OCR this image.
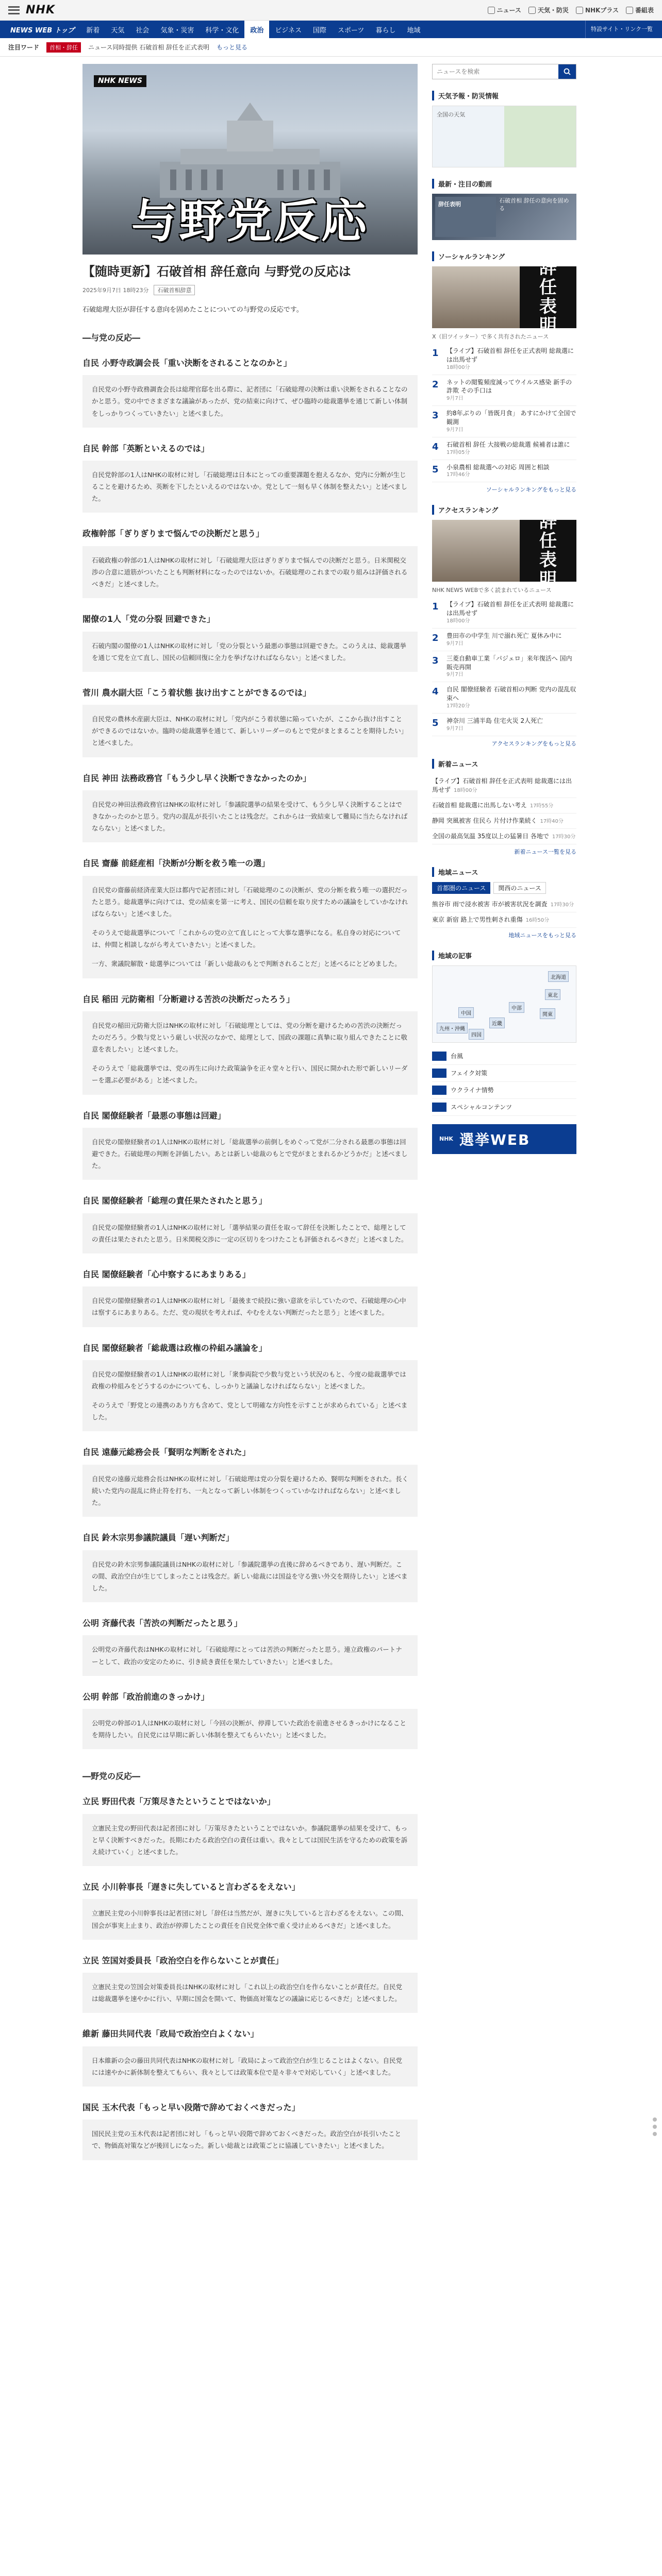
NHK	ニュース	天気・防災	NHKプラス	番組表
NEWS WEB トップ	新着	天気	社会	気象・災害	科学・文化	政治	ビジネス	国際	スポーツ	暮らし	地域	特設サイト・リンク一覧
注目ワード	首相・辞任	ニュース同時提供 石破首相 辞任を正式表明 もっと見る
NHK NEWS
与野党反応
【随時更新】石破首相 辞任意向 与野党の反応は
2025年9月7日 18時23分	石破首相辞意

石破総理大臣が辞任する意向を固めたことについての与野党の反応です。

―与党の反応―
自民 小野寺政調会長「重い決断をされることなのかと」

自民党の小野寺政務調査会長は総理官邸を出る際に、記者団に「石破総理の決断は重い決断をされることなのかと思う。党の中でさまざまな議論があったが、党の結束に向けて、ぜひ臨時の総裁選挙を通じて新しい体制をしっかりつくっていきたい」と述べました。

自民 幹部「英断といえるのでは」

自民党幹部の1人はNHKの取材に対し「石破総理は日本にとっての重要課題を抱えるなか、党内に分断が生じることを避けるため、英断を下したといえるのではないか。党として一刻も早く体制を整えたい」と述べました。

政権幹部「ぎりぎりまで悩んでの決断だと思う」

石破政権の幹部の1人はNHKの取材に対し「石破総理大臣はぎりぎりまで悩んでの決断だと思う。日米関税交渉の合意に道筋がついたことも判断材料になったのではないか。石破総理のこれまでの取り組みは評価されるべきだ」と述べました。

閣僚の1人「党の分裂 回避できた」

石破内閣の閣僚の1人はNHKの取材に対し「党の分裂という最悪の事態は回避できた。このうえは、総裁選挙を通じて党を立て直し、国民の信頼回復に全力を挙げなければならない」と述べました。

菅川 農水副大臣「こう着状態 抜け出すことができるのでは」

自民党の農林水産副大臣は、NHKの取材に対し「党内がこう着状態に陥っていたが、ここから抜け出すことができるのではないか。臨時の総裁選挙を通じて、新しいリーダーのもとで党がまとまることを期待したい」と述べました。

自民 神田 法務政務官「もう少し早く決断できなかったのか」

自民党の神田法務政務官はNHKの取材に対し「参議院選挙の結果を受けて、もう少し早く決断することはできなかったのかと思う。党内の混乱が長引いたことは残念だ。これからは一致結束して難局に当たらなければならない」と述べました。

自民 齋藤 前経産相「決断が分断を救う唯一の選」

自民党の齋藤前経済産業大臣は都内で記者団に対し「石破総理のこの決断が、党の分断を救う唯一の選択だったと思う。総裁選挙に向けては、党の結束を第一に考え、国民の信頼を取り戻すための議論をしていかなければならない」と述べました。

そのうえで総裁選挙について「これからの党の立て直しにとって大事な選挙になる。私自身の対応については、仲間と相談しながら考えていきたい」と述べました。

一方、衆議院解散・総選挙については「新しい総裁のもとで判断されることだ」と述べるにとどめました。

自民 稲田 元防衛相「分断避ける苦渋の決断だったろう」

自民党の稲田元防衛大臣はNHKの取材に対し「石破総理としては、党の分断を避けるための苦渋の決断だったのだろう。少数与党という厳しい状況のなかで、総理として、国政の課題に真摯に取り組んできたことに敬意を表したい」と述べました。

そのうえで「総裁選挙では、党の再生に向けた政策論争を正々堂々と行い、国民に開かれた形で新しいリーダーを選ぶ必要がある」と述べました。

自民 閣僚経験者「最悪の事態は回避」

自民党の閣僚経験者の1人はNHKの取材に対し「総裁選挙の前倒しをめぐって党が二分される最悪の事態は回避できた。石破総理の判断を評価したい。あとは新しい総裁のもとで党がまとまれるかどうかだ」と述べました。

自民 閣僚経験者「総理の責任果たされたと思う」

自民党の閣僚経験者の1人はNHKの取材に対し「選挙結果の責任を取って辞任を決断したことで、総理としての責任は果たされたと思う。日米関税交渉に一定の区切りをつけたことも評価されるべきだ」と述べました。

自民 閣僚経験者「心中察するにあまりある」

自民党の閣僚経験者の1人はNHKの取材に対し「最後まで続投に強い意欲を示していたので、石破総理の心中は察するにあまりある。ただ、党の現状を考えれば、やむをえない判断だったと思う」と述べました。

自民 閣僚経験者「総裁選は政権の枠組み議論を」

自民党の閣僚経験者の1人はNHKの取材に対し「衆参両院で少数与党という状況のもと、今度の総裁選挙では政権の枠組みをどうするのかについても、しっかりと議論しなければならない」と述べました。

そのうえで「野党との連携のあり方も含めて、党として明確な方向性を示すことが求められている」と述べました。

自民 遠藤元総務会長「賢明な判断をされた」

自民党の遠藤元総務会長はNHKの取材に対し「石破総理は党の分裂を避けるため、賢明な判断をされた。長く続いた党内の混乱に終止符を打ち、一丸となって新しい体制をつくっていかなければならない」と述べました。

自民 鈴木宗男参議院議員「遅い判断だ」

自民党の鈴木宗男参議院議員はNHKの取材に対し「参議院選挙の直後に辞めるべきであり、遅い判断だ。この間、政治空白が生じてしまったことは残念だ。新しい総裁には国益を守る強い外交を期待したい」と述べました。

公明 斉藤代表「苦渋の判断だったと思う」

公明党の斉藤代表はNHKの取材に対し「石破総理にとっては苦渋の判断だったと思う。連立政権のパートナーとして、政治の安定のために、引き続き責任を果たしていきたい」と述べました。

公明 幹部「政治前進のきっかけ」

公明党の幹部の1人はNHKの取材に対し「今回の決断が、停滞していた政治を前進させるきっかけになることを期待したい。自民党には早期に新しい体制を整えてもらいたい」と述べました。

―野党の反応―
立民 野田代表「万策尽きたということではないか」

立憲民主党の野田代表は記者団に対し「万策尽きたということではないか。参議院選挙の結果を受けて、もっと早く決断すべきだった。長期にわたる政治空白の責任は重い。我々としては国民生活を守るための政策を訴え続けていく」と述べました。

立民 小川幹事長「遅きに失していると言わざるをえない」

立憲民主党の小川幹事長は記者団に対し「辞任は当然だが、遅きに失していると言わざるをえない。この間、国会が事実上止まり、政治が停滞したことの責任を自民党全体で重く受け止めるべきだ」と述べました。

立民 笠国対委員長「政治空白を作らないことが責任」

立憲民主党の笠国会対策委員長はNHKの取材に対し「これ以上の政治空白を作らないことが責任だ。自民党は総裁選挙を速やかに行い、早期に国会を開いて、物価高対策などの議論に応じるべきだ」と述べました。

維新 藤田共同代表「政局で政治空白よくない」

日本維新の会の藤田共同代表はNHKの取材に対し「政局によって政治空白が生じることはよくない。自民党には速やかに新体制を整えてもらい、我々としては政策本位で是々非々で対応していく」と述べました。

国民 玉木代表「もっと早い段階で辞めておくべきだった」

国民民主党の玉木代表は記者団に対し「もっと早い段階で辞めておくべきだった。政治空白が長引いたことで、物価高対策などが後回しになった。新しい総裁とは政策ごとに協議していきたい」と述べました。

ニュースを検索
天気予報・防災情報
全国の天気
最新・注目の動画
辞任表明
石破首相 辞任の意向を固める
ソーシャルランキング
辞
任
表
明
X（旧ツイッター）で多く共有されたニュース
1	【ライブ】石破首相 辞任を正式表明 総裁選には出馬せず
18時00分
2	ネットの閲覧頻度減ってウイルス感染 新手の詐欺 その手口は
9月7日
3	約8年ぶりの「皆既月食」 あすにかけて全国で観測
9月7日
4	石破首相 辞任 大接戦の総裁選 候補者は誰に
17時05分
5	小泉農相 総裁選への対応 周囲と相談
17時46分
ソーシャルランキングをもっと見る
アクセスランキング
辞
任
表
明
NHK NEWS WEBで多く読まれているニュース
1	【ライブ】石破首相 辞任を正式表明 総裁選には出馬せず
18時00分
2	豊田市の中学生 川で溺れ死亡 夏休み中に
9月7日
3	三菱自動車工業「パジェロ」来年復活へ 国内販売再開
9月7日
4	自民 閣僚経験者 石破首相の判断 党内の混乱収束へ
17時20分
5	神奈川 三浦半島 住宅火災 2人死亡
9月7日
アクセスランキングをもっと見る
新着ニュース
【ライブ】石破首相 辞任を正式表明 総裁選には出馬せず 18時00分
石破首相 総裁選に出馬しない考え 17時55分
静岡 突風被害 住民ら 片付け作業続く 17時40分
全国の最高気温 35度以上の猛暑日 各地で 17時30分
新着ニュース一覧を見る
地域ニュース
首都圏のニュース	関西のニュース
熊谷市 雨で浸水被害 市が被害状況を調査 17時30分
東京 新宿 路上で男性刺され重傷 16時50分
地域ニュースをもっと見る
地域の記事
北海道
東北
関東
中部
近畿
中国
四国
九州・沖縄
台風
フェイク対策
ウクライナ情勢
スペシャルコンテンツ
NHK 選挙WEB
